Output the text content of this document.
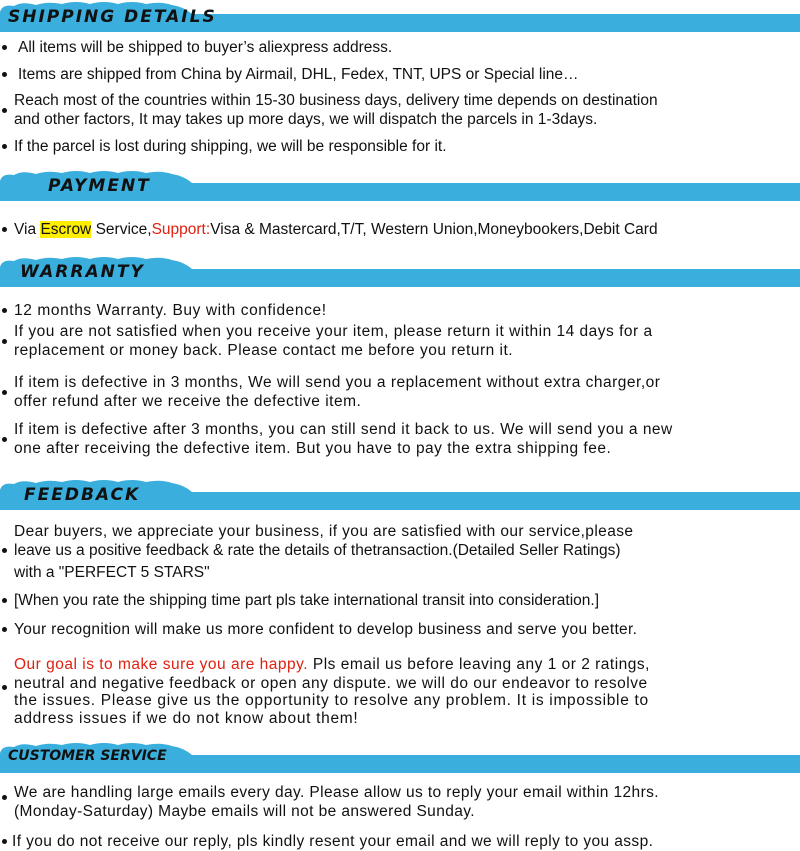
SHIPPING DETAILS
All items will be shipped to buyer’s aliexpress address.
Items are shipped from China by Airmail, DHL, Fedex, TNT, UPS or Special line…
Reach most of the countries within 15-30 business days, delivery time depends on destination
and other factors, It may takes up more days, we will dispatch the parcels in 1-3days.
If the parcel is lost during shipping, we will be responsible for it.
PAYMENT
Via Escrow Service,Support:Visa & Mastercard,T/T, Western Union,Moneybookers,Debit Card
WARRANTY
12 months Warranty. Buy with confidence!
If you are not satisfied when you receive your item, please return it within 14 days for a
replacement or money back. Please contact me before you return it.
If item is defective in 3 months, We will send you a replacement without extra charger,or
offer refund after we receive the defective item.
If item is defective after 3 months, you can still send it back to us. We will send you a new
one after receiving the defective item. But you have to pay the extra shipping fee.
FEEDBACK
Dear buyers, we appreciate your business, if you are satisfied with our service,please
leave us a positive feedback & rate the details of thetransaction.(Detailed Seller Ratings)
with a "PERFECT 5 STARS"
[When you rate the shipping time part pls take international transit into consideration.]
Your recognition will make us more confident to develop business and serve you better.
Our goal is to make sure you are happy. Pls email us before leaving any 1 or 2 ratings,
neutral and negative feedback or open any dispute. we will do our endeavor to resolve
the issues. Please give us the opportunity to resolve any problem. It is impossible to
address issues if we do not know about them!
CUSTOMER SERVICE
We are handling large emails every day. Please allow us to reply your email within 12hrs.
(Monday-Saturday) Maybe emails will not be answered Sunday.
If you do not receive our reply, pls kindly resent your email and we will reply to you assp.
